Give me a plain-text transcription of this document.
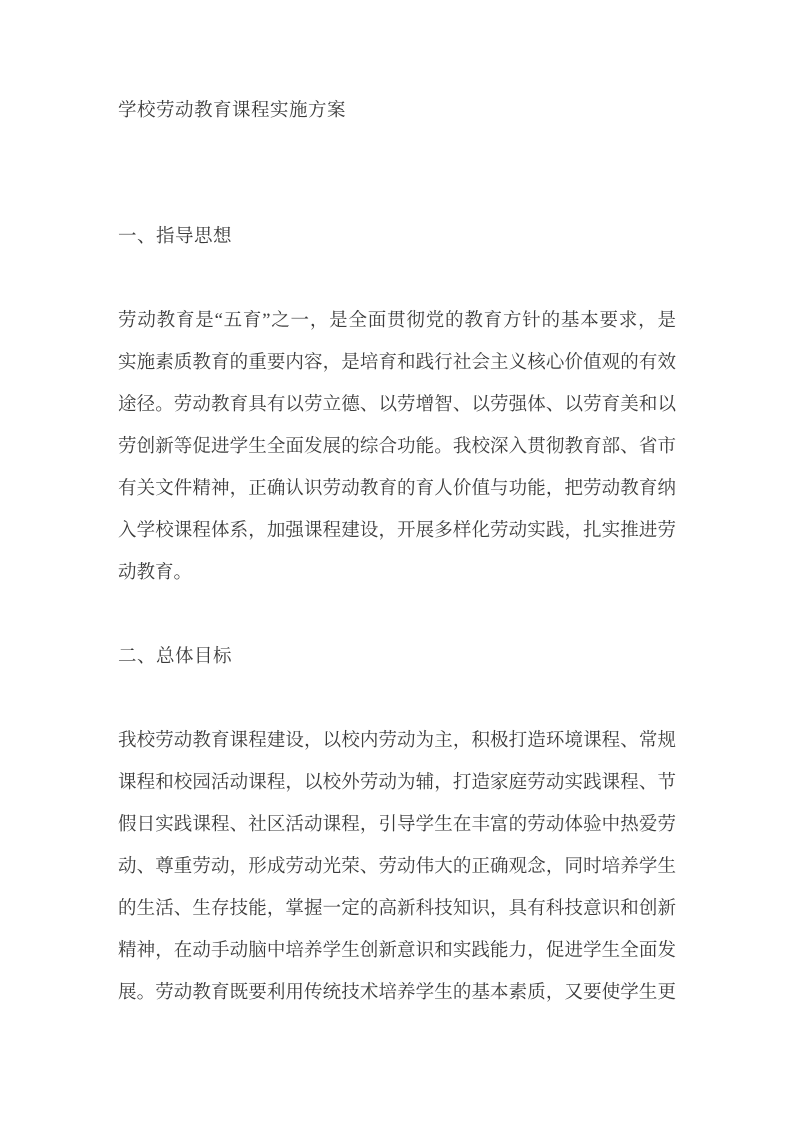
学校劳动教育课程实施方案
一、指导思想
劳动教育是“五育”之一，是全面贯彻党的教育方针的基本要求，是
实施素质教育的重要内容，是培育和践行社会主义核心价值观的有效
途径。劳动教育具有以劳立德、以劳增智、以劳强体、以劳育美和以
劳创新等促进学生全面发展的综合功能。我校深入贯彻教育部、省市
有关文件精神，正确认识劳动教育的育人价值与功能，把劳动教育纳
入学校课程体系，加强课程建设，开展多样化劳动实践，扎实推进劳
动教育。
二、总体目标
我校劳动教育课程建设，以校内劳动为主，积极打造环境课程、常规
课程和校园活动课程，以校外劳动为辅，打造家庭劳动实践课程、节
假日实践课程、社区活动课程，引导学生在丰富的劳动体验中热爱劳
动、尊重劳动，形成劳动光荣、劳动伟大的正确观念，同时培养学生
的生活、生存技能，掌握一定的高新科技知识，具有科技意识和创新
精神，在动手动脑中培养学生创新意识和实践能力，促进学生全面发
展。劳动教育既要利用传统技术培养学生的基本素质，又要使学生更
